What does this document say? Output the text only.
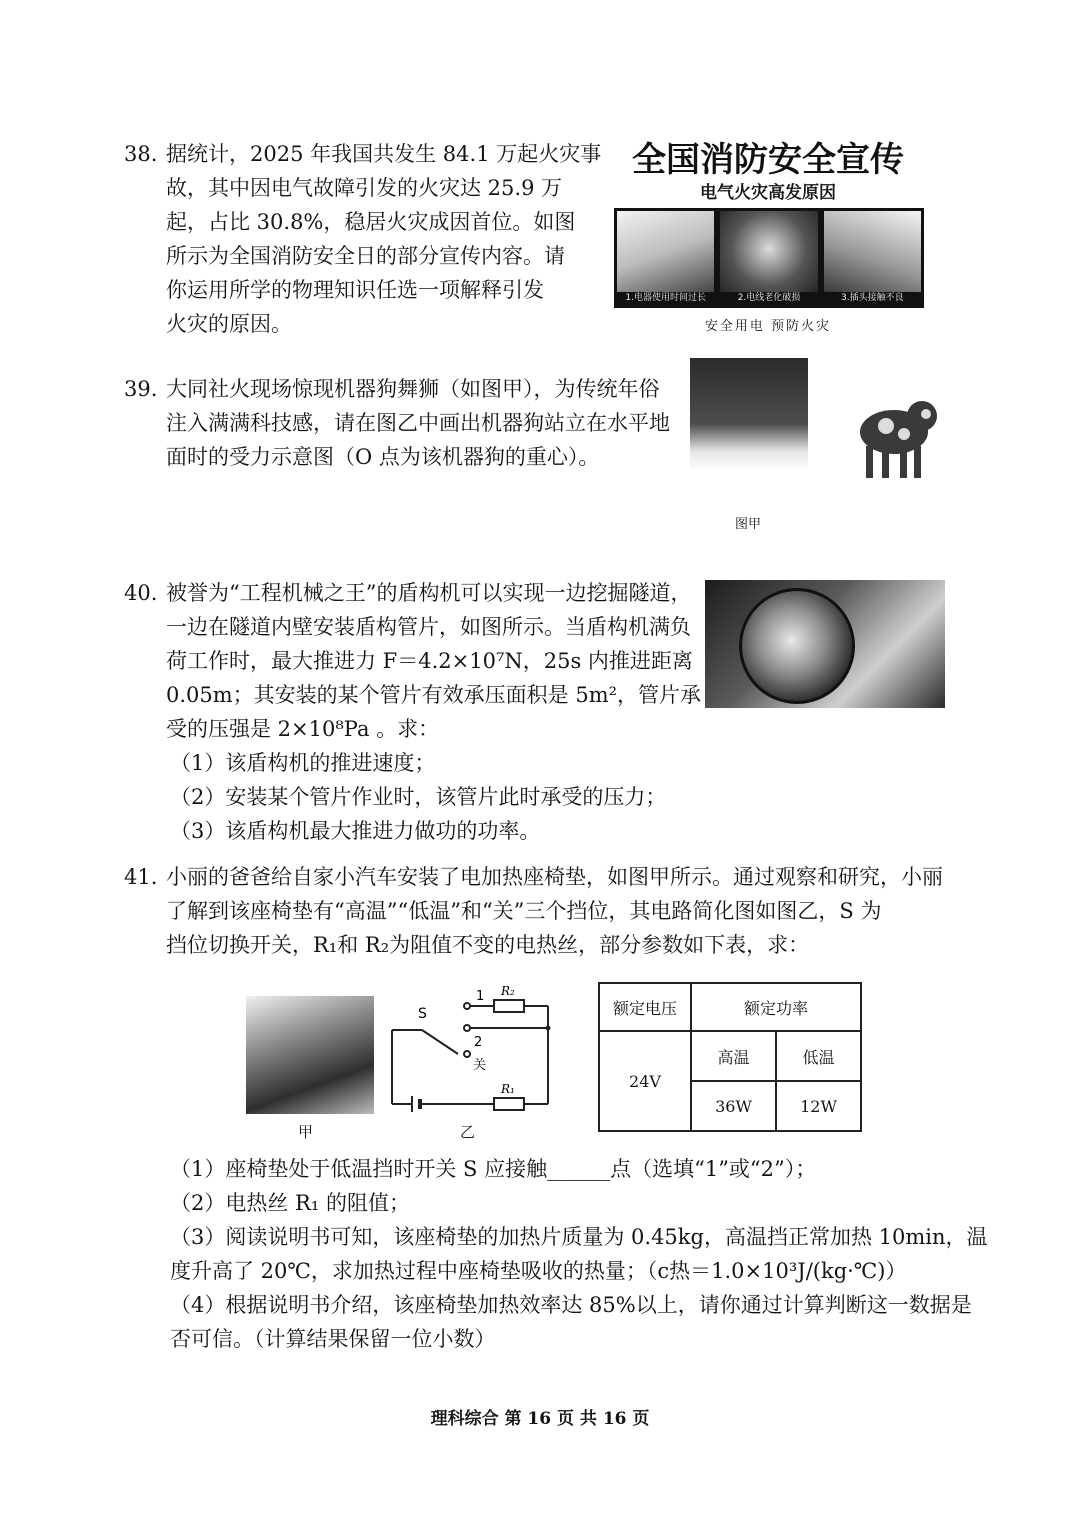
38. 据统计，2025 年我国共发生 84.1 万起火灾事
故，其中因电气故障引发的火灾达 25.9 万
起，占比 30.8%，稳居火灾成因首位。如图
所示为全国消防安全日的部分宣传内容。请
你运用所学的物理知识任选一项解释引发
火灾的原因。
全国消防安全宣传
电气火灾高发原因
1.电器使用时间过长	2.电线老化破损	3.插头接触不良
安全用电 预防火灾
39. 大同社火现场惊现机器狗舞狮（如图甲），为传统年俗
注入满满科技感，请在图乙中画出机器狗站立在水平地
面时的受力示意图（O 点为该机器狗的重心）。
图甲
40. 被誉为“工程机械之王”的盾构机可以实现一边挖掘隧道，
一边在隧道内壁安装盾构管片，如图所示。当盾构机满负
荷工作时，最大推进力 F＝4.2×10⁷N，25s 内推进距离
0.05m；其安装的某个管片有效承压面积是 5m²，管片承
受的压强是 2×10⁸Pa 。求：
（1）该盾构机的推进速度；
（2）安装某个管片作业时，该管片此时承受的压力；
（3）该盾构机最大推进力做功的功率。
41. 小丽的爸爸给自家小汽车安装了电加热座椅垫，如图甲所示。通过观察和研究，小丽
了解到该座椅垫有“高温”“低温”和“关”三个挡位，其电路简化图如图乙，S 为
挡位切换开关，R₁和 R₂为阻值不变的电热丝，部分参数如下表，求：
甲
S
1
2
关
R₂
R₁
乙
额定电压	额定功率	
24V	高温	低温
	36W	12W
（1）座椅垫处于低温挡时开关 S 应接触______点（选填“1”或“2”）；
（2）电热丝 R₁ 的阻值；
（3）阅读说明书可知，该座椅垫的加热片质量为 0.45kg，高温挡正常加热 10min，温
度升高了 20℃，求加热过程中座椅垫吸收的热量；（c热＝1.0×10³J/(kg·℃)）
（4）根据说明书介绍，该座椅垫加热效率达 85%以上，请你通过计算判断这一数据是
否可信。（计算结果保留一位小数）
理科综合 第 16 页 共 16 页
